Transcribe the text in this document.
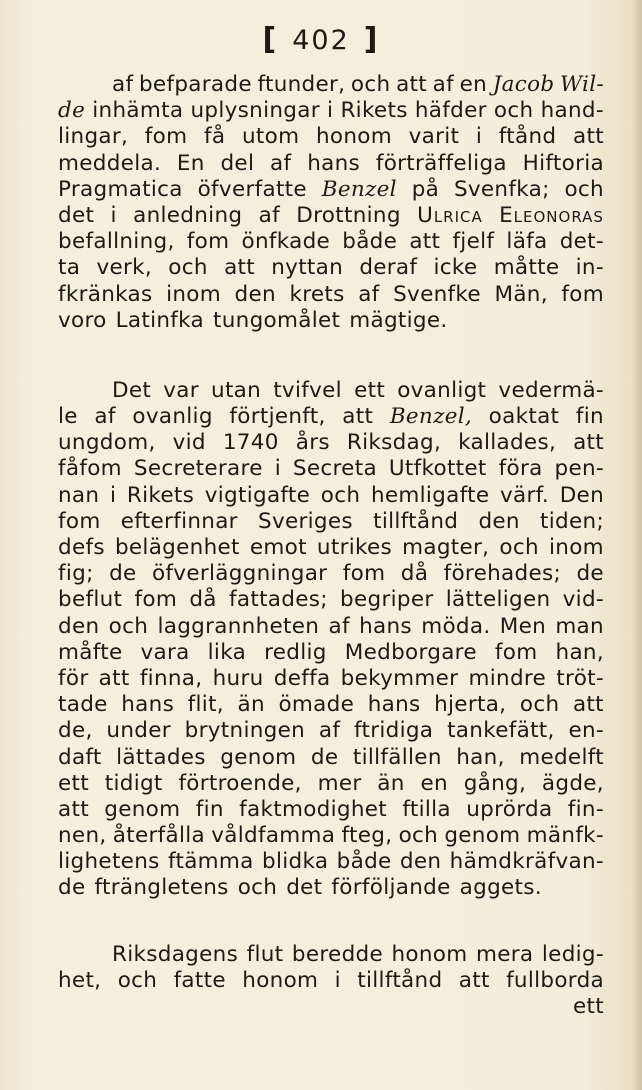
[ 402 ]
af befparade ftunder, och att af en Jacob Wil-
de inhämta uplysningar i Rikets häfder och hand-
lingar, fom få utom honom varit i ftånd att
meddela. En del af hans förträffeliga Hiftoria
Pragmatica öfverfatte Benzel på Svenfka; och
det i anledning af Drottning Ulrica Eleonoras
befallning, fom önfkade både att fjelf läfa det-
ta verk, och att nyttan deraf icke måtte in-
fkränkas inom den krets af Svenfke Män, fom
voro Latinfka tungomålet mägtige.
Det var utan tvifvel ett ovanligt vedermä-
le af ovanlig förtjenft, att Benzel, oaktat fin
ungdom, vid 1740 års Riksdag, kallades, att
fåfom Secreterare i Secreta Utfkottet föra pen-
nan i Rikets vigtigafte och hemligafte värf. Den
fom efterfinnar Sveriges tillftånd den tiden;
defs belägenhet emot utrikes magter, och inom
fig; de öfverläggningar fom då förehades; de
beflut fom då fattades; begriper lätteligen vid-
den och laggrannheten af hans möda. Men man
måfte vara lika redlig Medborgare fom han,
för att finna, huru deffa bekymmer mindre tröt-
tade hans flit, än ömade hans hjerta, och att
de, under brytningen af ftridiga tankefätt, en-
daft lättades genom de tillfällen han, medelft
ett tidigt förtroende, mer än en gång, ägde,
att genom fin faktmodighet ftilla uprörda fin-
nen, återfålla våldfamma fteg, och genom mänfk-
lighetens ftämma blidka både den hämdkräfvan-
de fträngletens och det förföljande aggets.
Riksdagens flut beredde honom mera ledig-
het, och fatte honom i tillftånd att fullborda
ett
